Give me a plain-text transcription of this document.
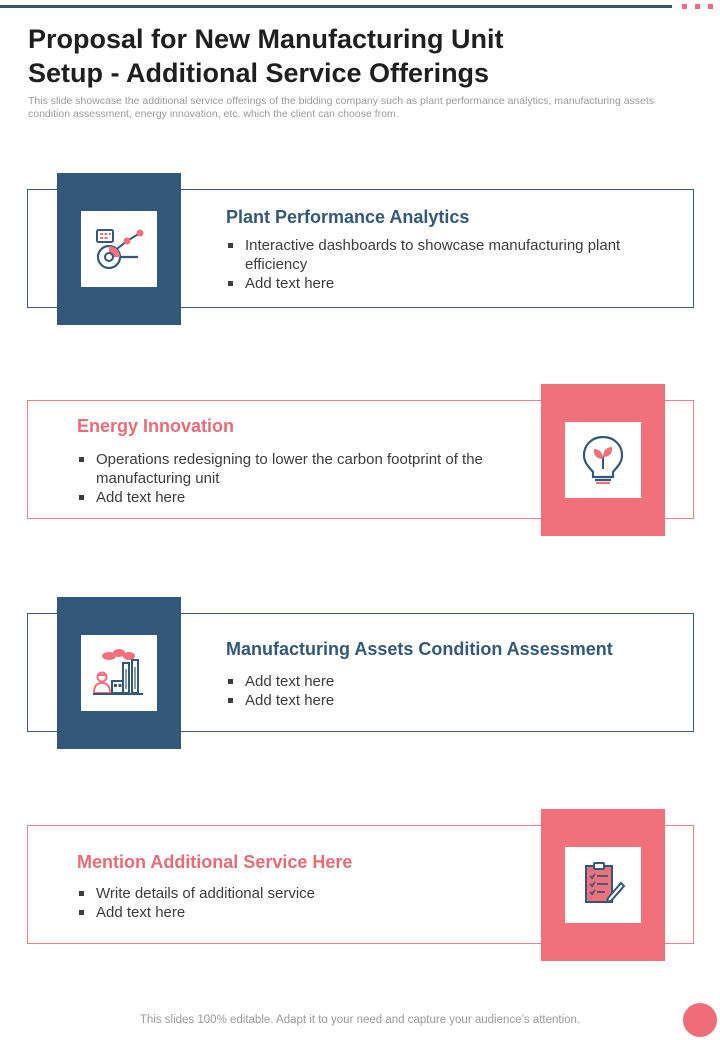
Proposal for New Manufacturing Unit
Setup - Additional Service Offerings
This slide showcase the additional service offerings of the bidding company such as plant performance analytics, manufacturing assets condition assessment, energy innovation, etc. which the client can choose from.
Plant Performance Analytics
Interactive dashboards to showcase manufacturing plant efficiency
Add text here
Energy Innovation
Operations redesigning to lower the carbon footprint of the manufacturing unit
Add text here
Manufacturing Assets Condition Assessment
Add text here
Add text here
Mention Additional Service Here
Write details of additional service
Add text here
This slides 100% editable. Adapt it to your need and capture your audience’s attention.
